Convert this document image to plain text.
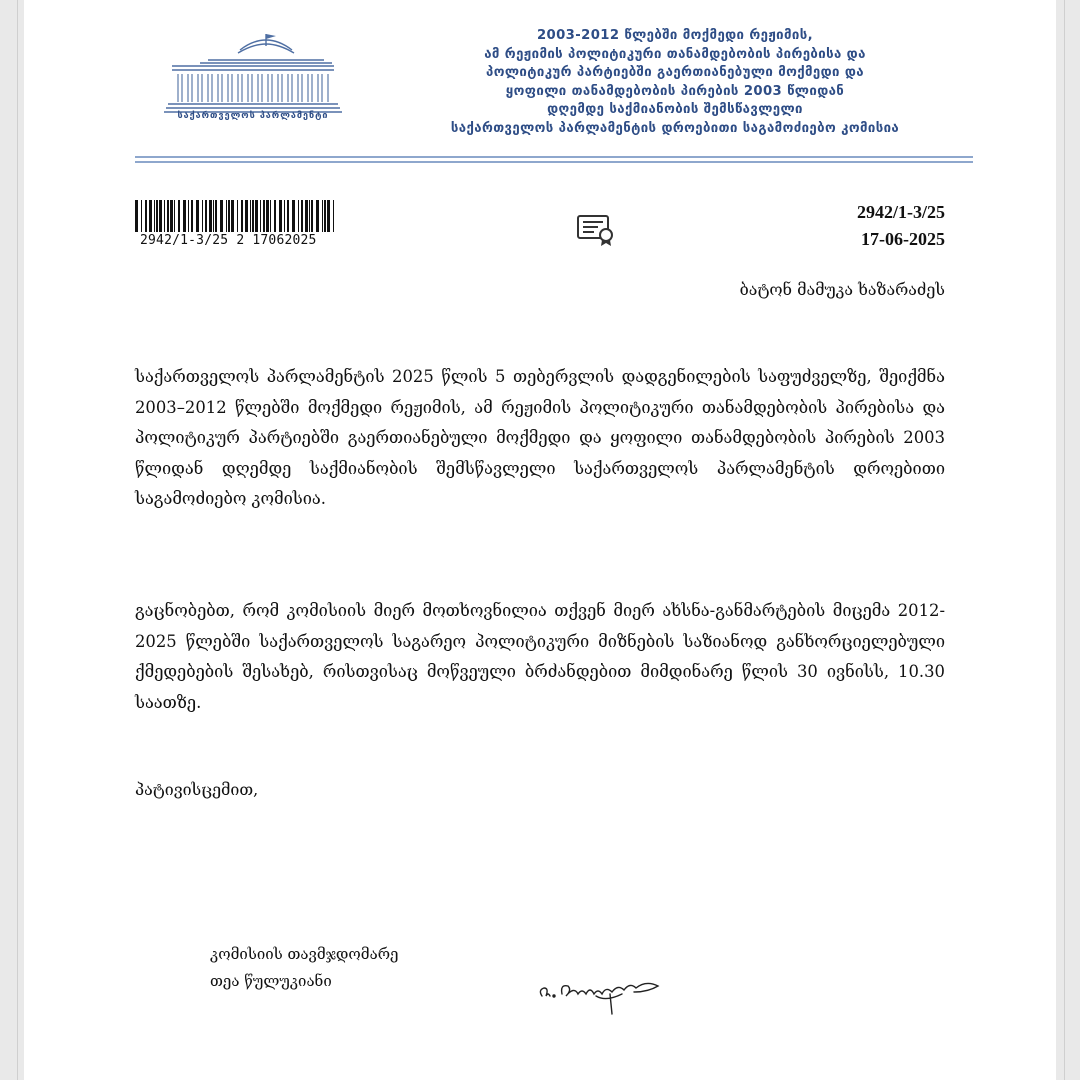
საქართველოს პარლამენტი
2003-2012 წლებში მოქმედი რეჟიმის,
ამ რეჟიმის პოლიტიკური თანამდებობის პირებისა და
პოლიტიკურ პარტიებში გაერთიანებული მოქმედი და
ყოფილი თანამდებობის პირების 2003 წლიდან
დღემდე საქმიანობის შემსწავლელი
საქართველოს პარლამენტის დროებითი საგამოძიებო კომისია
2942/1-3/25 2 17062025
2942/1-3/25
17-06-2025
ბატონ მამუკა ხაზარაძეს
საქართველოს პარლამენტის 2025 წლის 5 თებერვლის დადგენილების საფუძველზე, შეიქმნა 2003–2012 წლებში მოქმედი რეჟიმის, ამ რეჟიმის პოლიტიკური თანამდებობის პირებისა და პოლიტიკურ პარტიებში გაერთიანებული მოქმედი და ყოფილი თანამდებობის პირების 2003 წლიდან დღემდე საქმიანობის შემსწავლელი საქართველოს პარლამენტის დროებითი საგამოძიებო კომისია.
გაცნობებთ, რომ კომისიის მიერ მოთხოვნილია თქვენ მიერ ახსნა-განმარტების მიცემა 2012-2025 წლებში საქართველოს საგარეო პოლიტიკური მიზნების საზიანოდ განხორციელებული ქმედებების შესახებ, რისთვისაც მოწვეული ბრძანდებით მიმდინარე წლის 30 ივნისს, 10.30 საათზე.
პატივისცემით,
კომისიის თავმჯდომარე
თეა წულუკიანი
